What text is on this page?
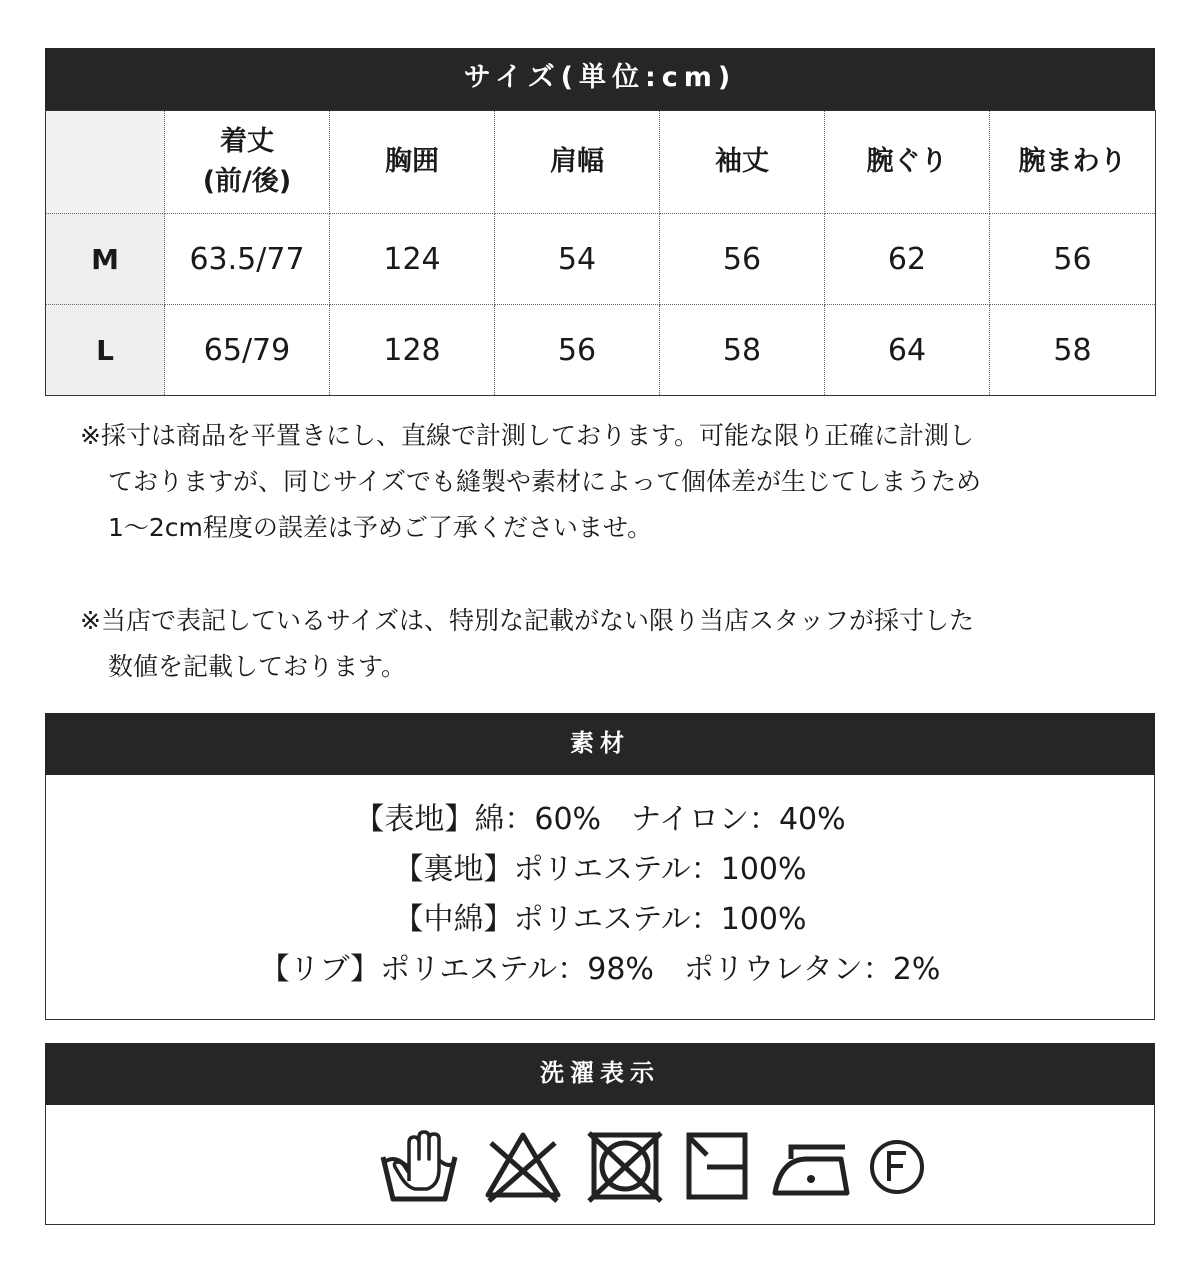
サイズ(単位:cm)
	着丈
(前/後)	胸囲	肩幅	袖丈	腕ぐり	腕まわり
M	63.5/77	124	54	56	62	56
L	65/79	128	56	58	64	58
※採寸は商品を平置きにし、直線で計測しております。可能な限り正確に計測し
ておりますが、同じサイズでも縫製や素材によって個体差が生じてしまうため
1〜2cm程度の誤差は予めご了承くださいませ。
※当店で表記しているサイズは、特別な記載がない限り当店スタッフが採寸した
数値を記載しております。
素材
【表地】綿：60%　ナイロン：40%
【裏地】ポリエステル：100%
【中綿】ポリエステル：100%
【リブ】ポリエステル：98%　ポリウレタン：2%
洗濯表示
